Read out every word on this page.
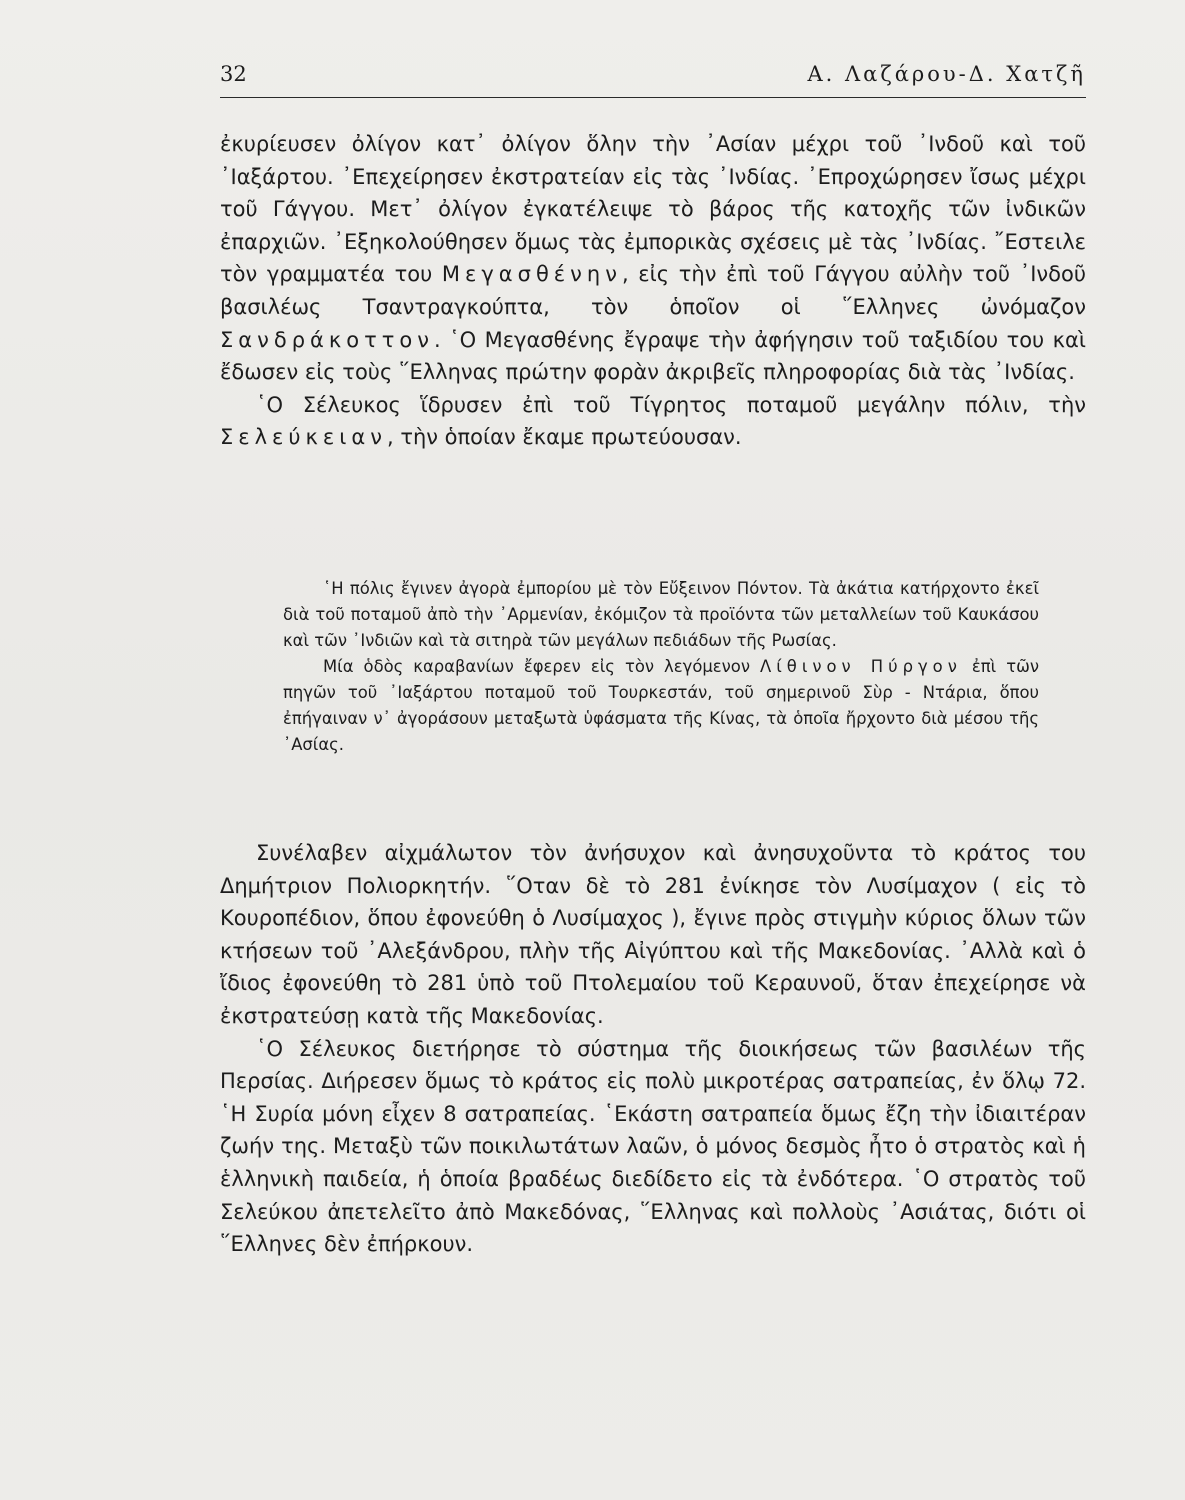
32	Α. Λαζάρου-Δ. Χατζῆ

ἐκυρίευσεν ὀλίγον κατ᾽ ὀλίγον ὅλην τὴν ᾽Ασίαν μέχρι τοῦ ᾽Ινδοῦ καὶ τοῦ ᾽Ιαξάρτου. ᾽Επεχείρησεν ἐκστρατείαν εἰς τὰς ᾽Ινδίας. ᾽Επροχώρησεν ἴσως μέχρι τοῦ Γάγγου. Μετ᾽ ὀλίγον ἐγκατέλειψε τὸ βάρος τῆς κατοχῆς τῶν ἰνδικῶν ἐπαρχιῶν. ᾽Εξηκολούθησεν ὅμως τὰς ἐμπορικὰς σχέσεις μὲ τὰς ᾽Ινδίας. ῎Εστειλε τὸν γραμματέα του Μεγασθένην, εἰς τὴν ἐπὶ τοῦ Γάγγου αὐλὴν τοῦ ᾽Ινδοῦ βασιλέως Τσαντραγκούπτα, τὸν ὁποῖον οἱ ῞Ελληνες ὠνόμαζον Σανδράκοττον. ῾Ο Μεγασθένης ἔγραψε τὴν ἀφήγησιν τοῦ ταξιδίου του καὶ ἔδωσεν εἰς τοὺς ῞Ελληνας πρώτην φορὰν ἀκριβεῖς πληροφορίας διὰ τὰς ᾽Ινδίας.

῾Ο Σέλευκος ἵδρυσεν ἐπὶ τοῦ Τίγρητος ποταμοῦ μεγάλην πόλιν, τὴν Σελεύκειαν, τὴν ὁποίαν ἔκαμε πρωτεύουσαν.

῾Η πόλις ἔγινεν ἀγορὰ ἐμπορίου μὲ τὸν Εὔξεινον Πόντον. Τὰ ἀκάτια κατήρχοντο ἐκεῖ διὰ τοῦ ποταμοῦ ἀπὸ τὴν ᾽Αρμενίαν, ἐκόμιζον τὰ προϊόντα τῶν μεταλλείων τοῦ Καυκάσου καὶ τῶν ᾽Ινδιῶν καὶ τὰ σιτηρὰ τῶν μεγάλων πεδιάδων τῆς Ρωσίας.

Μία ὁδὸς καραβανίων ἔφερεν εἰς τὸν λεγόμενον Λίθινον Πύργον ἐπὶ τῶν πηγῶν τοῦ ᾽Ιαξάρτου ποταμοῦ τοῦ Τουρκεστάν, τοῦ σημερινοῦ Σὺρ - Ντάρια, ὅπου ἐπήγαιναν ν᾽ ἀγοράσουν μεταξωτὰ ὑφάσματα τῆς Κίνας, τὰ ὁποῖα ἤρχοντο διὰ μέσου τῆς ᾽Ασίας.

Συνέλαβεν αἰχμάλωτον τὸν ἀνήσυχον καὶ ἀνησυχοῦντα τὸ κράτος του Δημήτριον Πολιορκητήν. ῞Οταν δὲ τὸ 281 ἐνίκησε τὸν Λυσίμαχον ( εἰς τὸ Κουροπέδιον, ὅπου ἐφονεύθη ὁ Λυσίμαχος ), ἔγινε πρὸς στιγμὴν κύριος ὅλων τῶν κτήσεων τοῦ ᾽Αλεξάνδρου, πλὴν τῆς Αἰγύπτου καὶ τῆς Μακεδονίας. ᾽Αλλὰ καὶ ὁ ἴδιος ἐφονεύθη τὸ 281 ὑπὸ τοῦ Πτολεμαίου τοῦ Κεραυνοῦ, ὅταν ἐπεχείρησε νὰ ἐκστρατεύσῃ κατὰ τῆς Μακεδονίας.

῾Ο Σέλευκος διετήρησε τὸ σύστημα τῆς διοικήσεως τῶν βασιλέων τῆς Περσίας. Διήρεσεν ὅμως τὸ κράτος εἰς πολὺ μικροτέρας σατραπείας, ἐν ὅλῳ 72. ῾Η Συρία μόνη εἶχεν 8 σατραπείας. ῾Εκάστη σατραπεία ὅμως ἔζη τὴν ἰδιαιτέραν ζωήν της. Μεταξὺ τῶν ποικιλωτάτων λαῶν, ὁ μόνος δεσμὸς ἦτο ὁ στρατὸς καὶ ἡ ἑλληνικὴ παιδεία, ἡ ὁποία βραδέως διεδίδετο εἰς τὰ ἐνδότερα. ῾Ο στρατὸς τοῦ Σελεύκου ἀπετελεῖτο ἀπὸ Μακεδόνας, ῞Ελληνας καὶ πολλοὺς ᾽Ασιάτας, διότι οἱ ῞Ελληνες δὲν ἐπήρκουν.
